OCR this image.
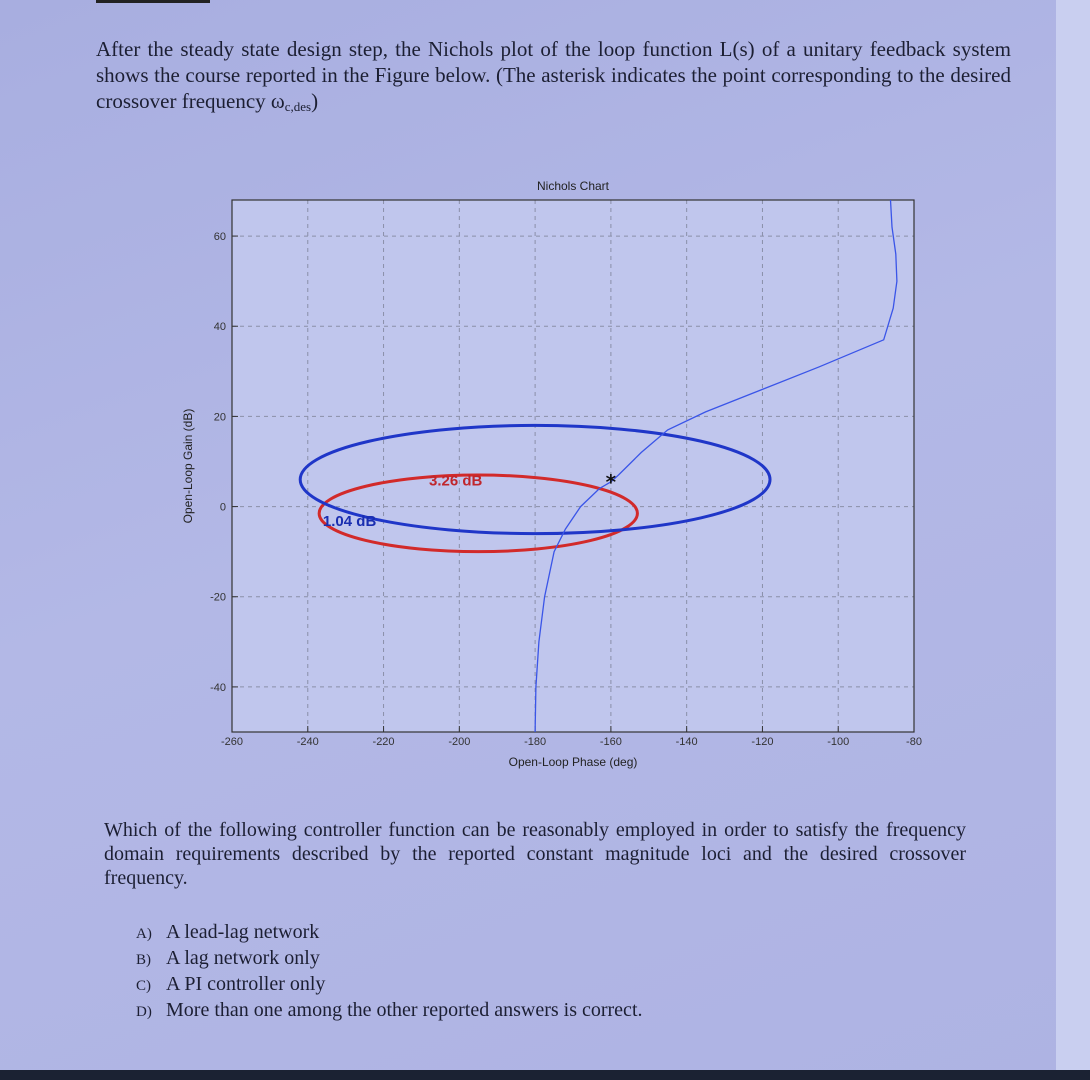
After the steady state design step, the Nichols plot of the loop function L(s) of a unitary feedback system shows the course reported in the Figure below. (The asterisk indicates the point corresponding to the desired crossover frequency $\omega_{c,des}$)
-260	-240	-220	-200	-180	-160	-140	-120	-100	-80
60
40
20
0
-20
-40
3.26 dB
1.04 dB
*
Nichols Chart
Open-Loop Phase (deg)
Open-Loop Gain (dB)
Which of the following controller function can be reasonably employed in order to satisfy the frequency domain requirements described by the reported constant magnitude loci and the desired crossover frequency.
A) A lead-lag network
B) A lag network only
C) A PI controller only
D) More than one among the other reported answers is correct.
